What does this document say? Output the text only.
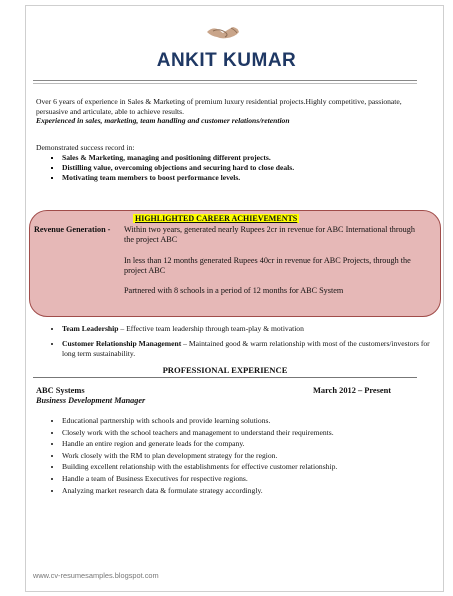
ANKIT KUMAR
Over 6 years of experience in Sales & Marketing of premium luxury residential projects.Highly competitive, passionate, persuasive and articulate, able to achieve results.
Experienced in sales, marketing, team handling and customer relations/retention
Demonstrated success record in:
▪ Sales & Marketing, managing and positioning different projects.
▪ Distilling value, overcoming objections and securing hard to close deals.
▪ Motivating team members to boost performance levels.
HIGHLIGHTED CAREER ACHIEVEMENTS
Revenue Generation - Within two years, generated nearly Rupees 2cr in revenue for ABC International through the project ABC

In less than 12 months generated Rupees 40cr in revenue for ABC Projects, through the project ABC

Partnered with 8 schools in a period of 12 months for ABC System

• Team Leadership – Effective team leadership through team-play & motivation
• Customer Relationship Management – Maintained good & warm relationship with most of the customers/investors for long term sustainability.
PROFESSIONAL EXPERIENCE
ABC Systems	March 2012 – Present
Business Development Manager
• Educational partnership with schools and provide learning solutions.
• Closely work with the school teachers and management to understand their requirements.
• Handle an entire region and generate leads for the company.
• Work closely with the RM to plan development strategy for the region.
• Building excellent relationship with the establishments for effective customer relationship.
• Handle a team of Business Executives for respective regions.
• Analyzing market research data & formulate strategy accordingly.
www.cv-resumesamples.blogspot.com
